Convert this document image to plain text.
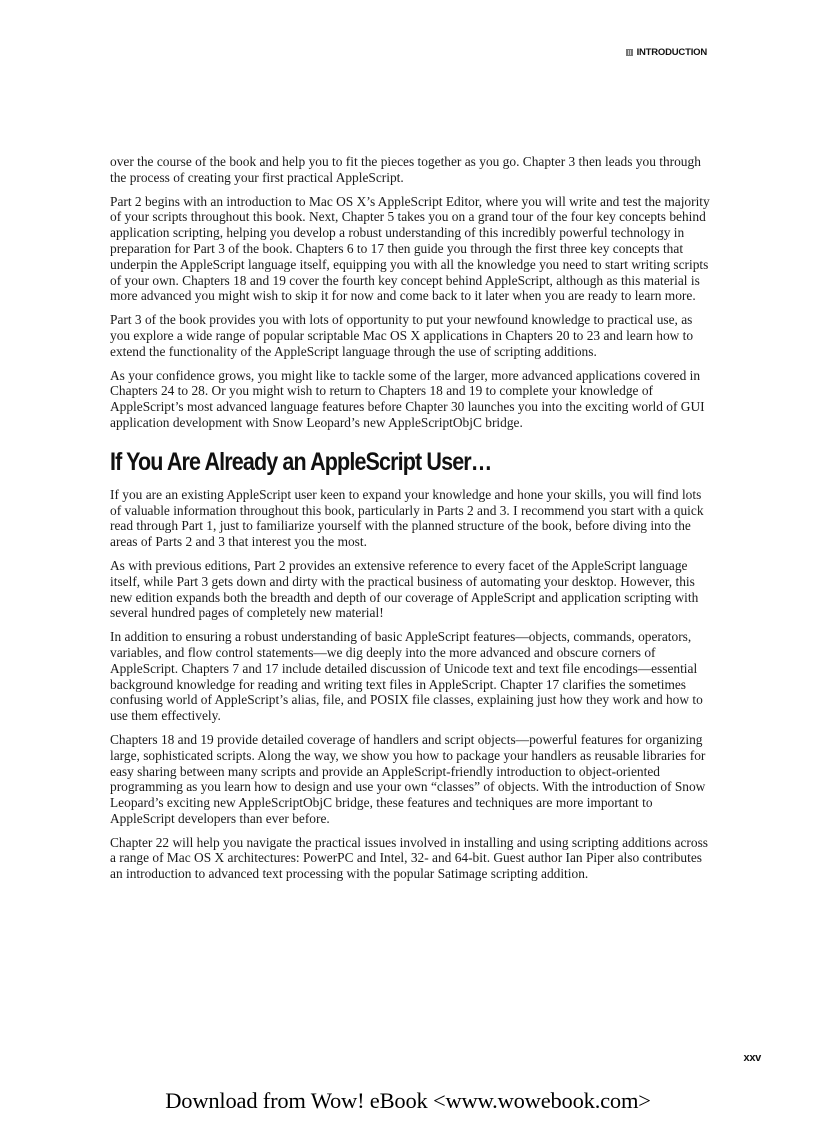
INTRODUCTION

over the course of the book and help you to fit the pieces together as you go. Chapter 3 then leads you through the process of creating your first practical AppleScript.

Part 2 begins with an introduction to Mac OS X’s AppleScript Editor, where you will write and test the majority of your scripts throughout this book. Next, Chapter 5 takes you on a grand tour of the four key concepts behind application scripting, helping you develop a robust understanding of this incredibly powerful technology in preparation for Part 3 of the book. Chapters 6 to 17 then guide you through the first three key concepts that underpin the AppleScript language itself, equipping you with all the knowledge you need to start writing scripts of your own. Chapters 18 and 19 cover the fourth key concept behind AppleScript, although as this material is more advanced you might wish to skip it for now and come back to it later when you are ready to learn more.

Part 3 of the book provides you with lots of opportunity to put your newfound knowledge to practical use, as you explore a wide range of popular scriptable Mac OS X applications in Chapters 20 to 23 and learn how to extend the functionality of the AppleScript language through the use of scripting additions.

As your confidence grows, you might like to tackle some of the larger, more advanced applications covered in Chapters 24 to 28. Or you might wish to return to Chapters 18 and 19 to complete your knowledge of AppleScript’s most advanced language features before Chapter 30 launches you into the exciting world of GUI application development with Snow Leopard’s new AppleScriptObjC bridge.

If You Are Already an AppleScript User…

If you are an existing AppleScript user keen to expand your knowledge and hone your skills, you will find lots of valuable information throughout this book, particularly in Parts 2 and 3. I recommend you start with a quick read through Part 1, just to familiarize yourself with the planned structure of the book, before diving into the areas of Parts 2 and 3 that interest you the most.

As with previous editions, Part 2 provides an extensive reference to every facet of the AppleScript language itself, while Part 3 gets down and dirty with the practical business of automating your desktop. However, this new edition expands both the breadth and depth of our coverage of AppleScript and application scripting with several hundred pages of completely new material!

In addition to ensuring a robust understanding of basic AppleScript features—objects, commands, operators, variables, and flow control statements—we dig deeply into the more advanced and obscure corners of AppleScript. Chapters 7 and 17 include detailed discussion of Unicode text and text file encodings—essential background knowledge for reading and writing text files in AppleScript. Chapter 17 clarifies the sometimes confusing world of AppleScript’s alias, file, and POSIX file classes, explaining just how they work and how to use them effectively.

Chapters 18 and 19 provide detailed coverage of handlers and script objects—powerful features for organizing large, sophisticated scripts. Along the way, we show you how to package your handlers as reusable libraries for easy sharing between many scripts and provide an AppleScript-friendly introduction to object-oriented programming as you learn how to design and use your own “classes” of objects. With the introduction of Snow Leopard’s exciting new AppleScriptObjC bridge, these features and techniques are more important to AppleScript developers than ever before.

Chapter 22 will help you navigate the practical issues involved in installing and using scripting additions across a range of Mac OS X architectures: PowerPC and Intel, 32- and 64-bit. Guest author Ian Piper also contributes an introduction to advanced text processing with the popular Satimage scripting addition.

xxv
Download from Wow! eBook <www.wowebook.com>
